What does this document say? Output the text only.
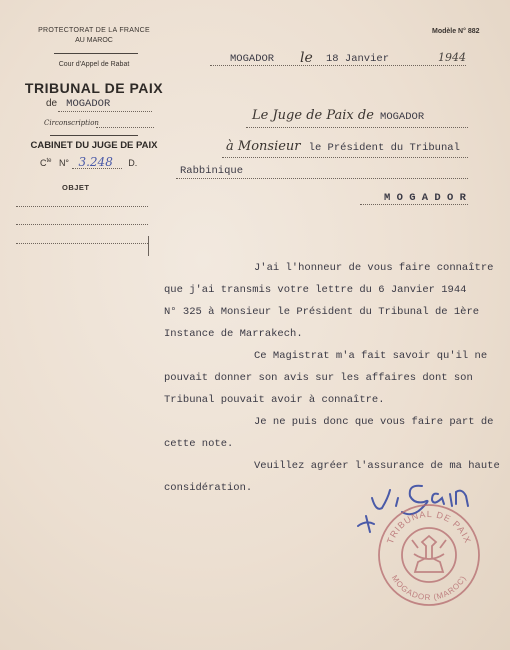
PROTECTORAT DE LA FRANCE
AU MAROC
Cour d'Appel de Rabat
TRIBUNAL DE PAIX
de MOGADOR
Circonscription
CABINET DU JUGE DE PAIX
$C^{te}$ N° 3.248 D.
OBJET
Modèle N° 882
MOGADOR le 18 Janvier	1944
Le Juge de Paix de MOGADOR
à Monsieur le Président du Tribunal
Rabbinique
M O G A D O R
J'ai l'honneur de vous faire connaître
que j'ai transmis votre lettre du 6 Janvier 1944
N° 325 à Monsieur le Président du Tribunal de 1ère
Instance de Marrakech.
Ce Magistrat m'a fait savoir qu'il ne
pouvait donner son avis sur les affaires dont son
Tribunal pouvait avoir à connaître.
Je ne puis donc que vous faire part de
cette note.
Veuillez agréer l'assurance de ma haute
considération.
TRIBUNAL DE PAIX
MOGADOR (MAROC)
